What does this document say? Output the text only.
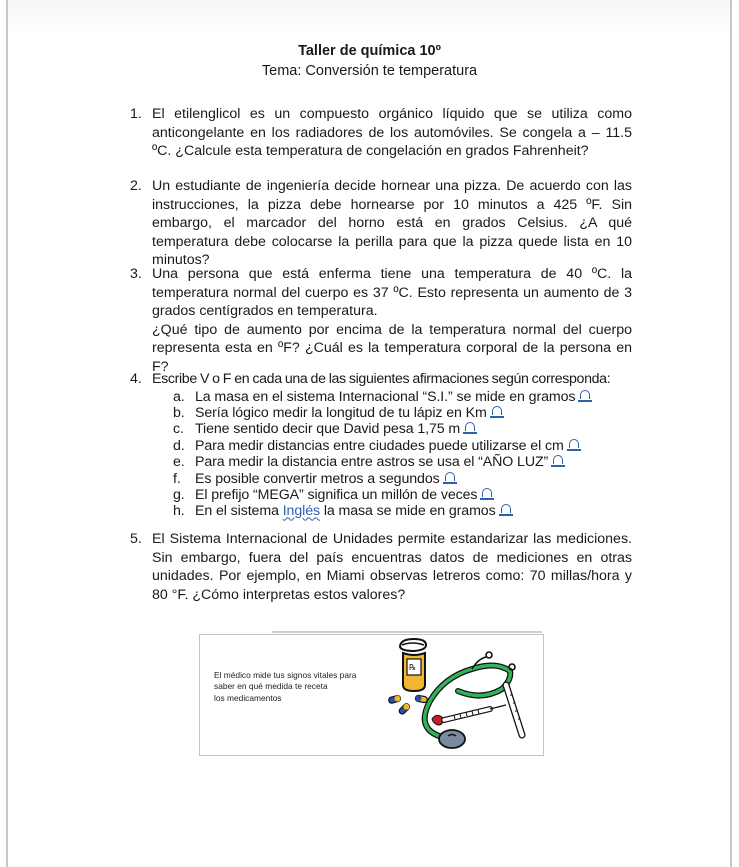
Taller de química 10º
Tema: Conversión te temperatura
1. El etilenglicol es un compuesto orgánico líquido que se utiliza como anticongelante en los radiadores de los automóviles. Se congela a – 11.5 ºC. ¿Calcule esta temperatura de congelación en grados Fahrenheit?
2. Un estudiante de ingeniería decide hornear una pizza. De acuerdo con las instrucciones, la pizza debe hornearse por 10 minutos a 425 ºF. Sin embargo, el marcador del horno está en grados Celsius. ¿A qué temperatura debe colocarse la perilla para que la pizza quede lista en 10 minutos?
3. Una persona que está enferma tiene una temperatura de 40 ºC. la temperatura normal del cuerpo es 37 ºC. Esto representa un aumento de 3 grados centígrados en temperatura.
¿Qué tipo de aumento por encima de la temperatura normal del cuerpo representa esta en ºF? ¿Cuál es la temperatura corporal de la persona en F?
4. Escribe V o F en cada una de las siguientes afirmaciones según corresponda:
a. La masa en el sistema Internacional “S.I.” se mide en gramos
b. Sería lógico medir la longitud de tu lápiz en Km
c. Tiene sentido decir que David pesa 1,75 m
d. Para medir distancias entre ciudades puede utilizarse el cm
e. Para medir la distancia entre astros se usa el “AÑO LUZ”
f. Es posible convertir metros a segundos
g. El prefijo “MEGA” significa un millón de veces
h. En el sistema Inglés la masa se mide en gramos
5. El Sistema Internacional de Unidades permite estandarizar las mediciones. Sin embargo, fuera del país encuentras datos de mediciones en otras unidades. Por ejemplo, en Miami observas letreros como: 70 millas/hora y 80 °F. ¿Cómo interpretas estos valores?
El médico mide tus signos vitales para
saber en qué medida te receta
los medicamentos
℞
